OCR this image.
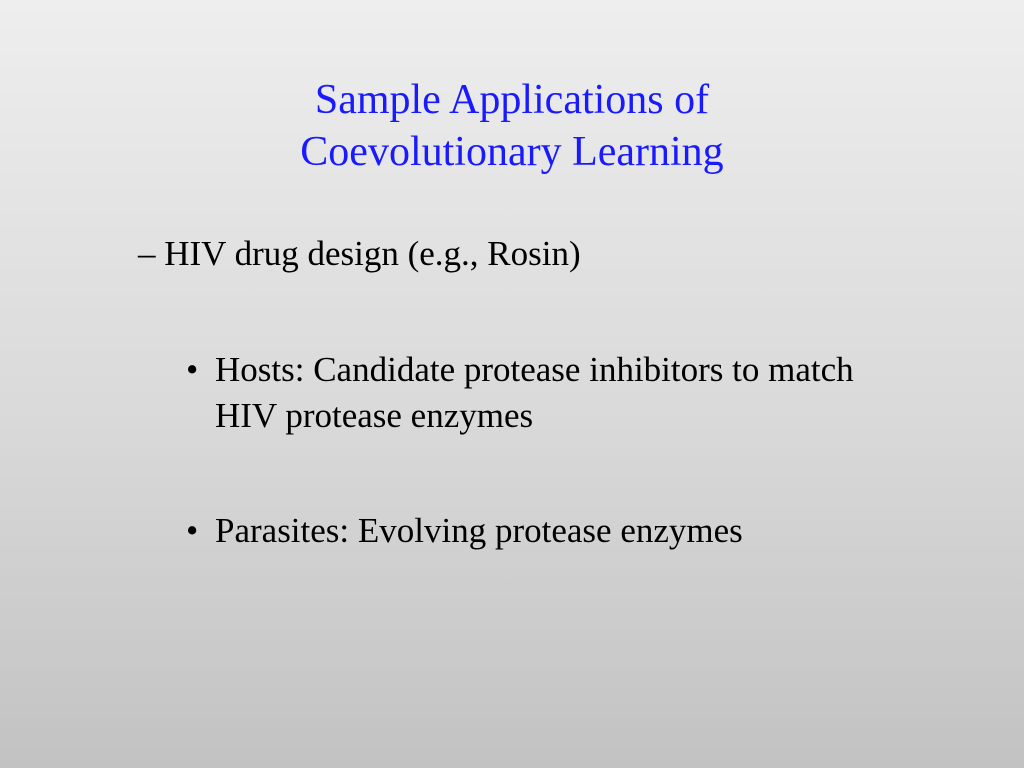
Sample Applications of
Coevolutionary Learning
– HIV drug design (e.g., Rosin)
• Hosts: Candidate protease inhibitors to match HIV protease enzymes
• Parasites: Evolving protease enzymes
